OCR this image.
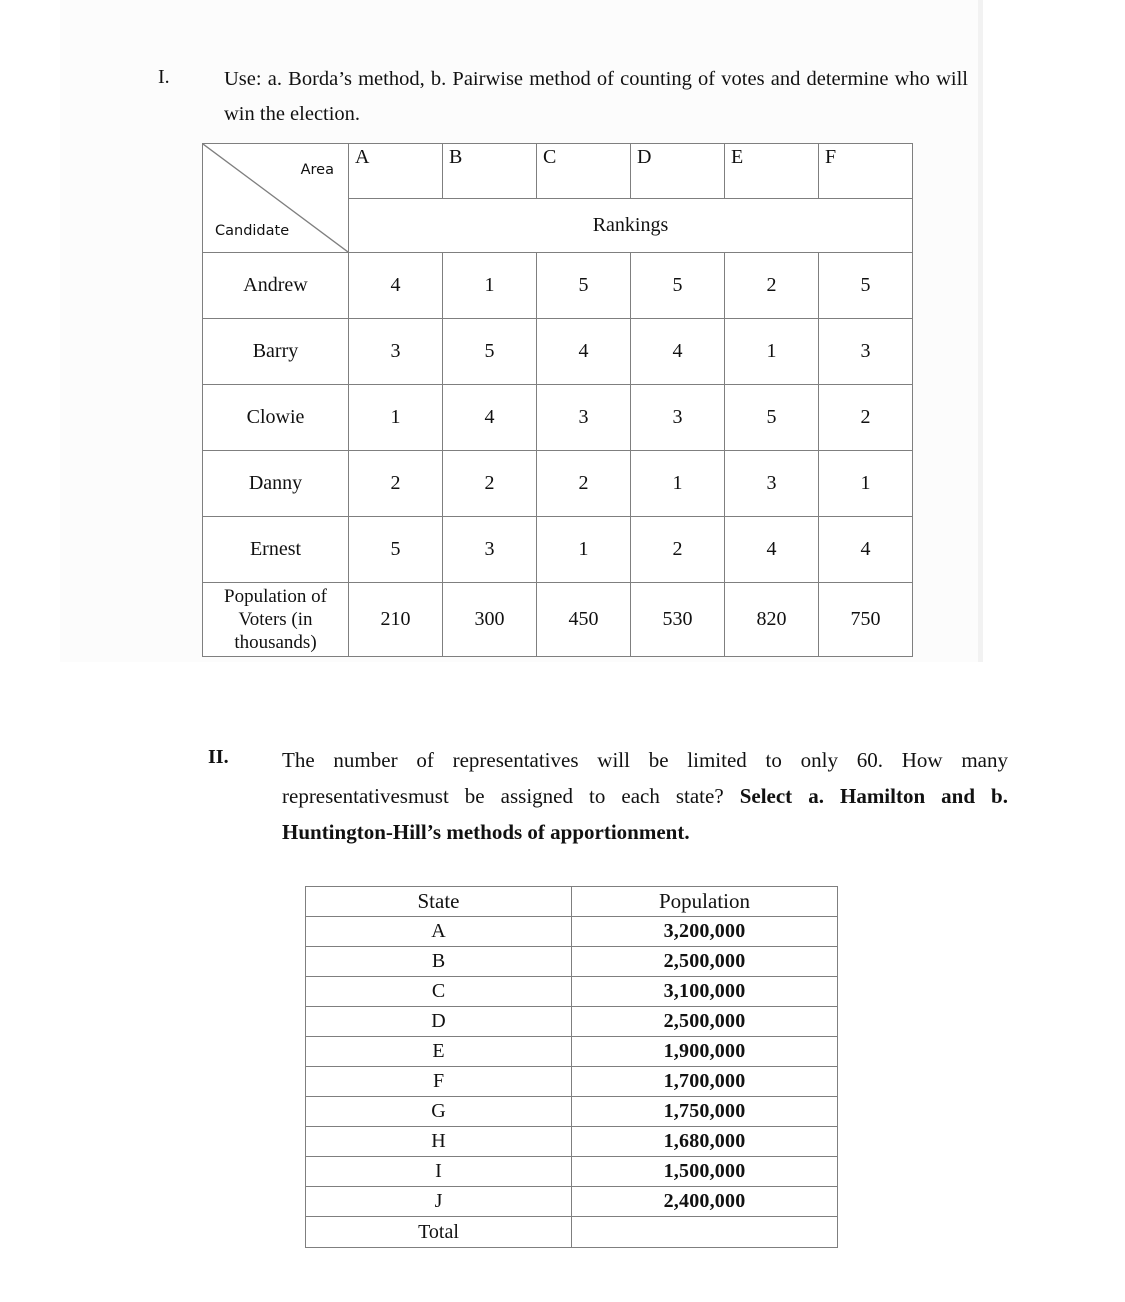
I.	Use: a. Borda’s method, b. Pairwise method of counting of votes and determine who will win the election.
Area
Candidate	A	B	C	D	E	F
	Rankings					
Andrew	4	1	5	5	2	5
Barry	3	5	4	4	1	3
Clowie	1	4	3	3	5	2
Danny	2	2	2	1	3	1
Ernest	5	3	1	2	4	4

Population of
Voters (in
thousands)	210	300	450	530	820	750
II.	The number of representatives will be limited to only 60. How many representativesmust be assigned to each state? Select a. Hamilton and b. Huntington-Hill’s methods of apportionment.
State	Population
A	3,200,000
B	2,500,000
C	3,100,000
D	2,500,000
E	1,900,000
F	1,700,000
G	1,750,000
H	1,680,000
I	1,500,000
J	2,400,000
Total	
